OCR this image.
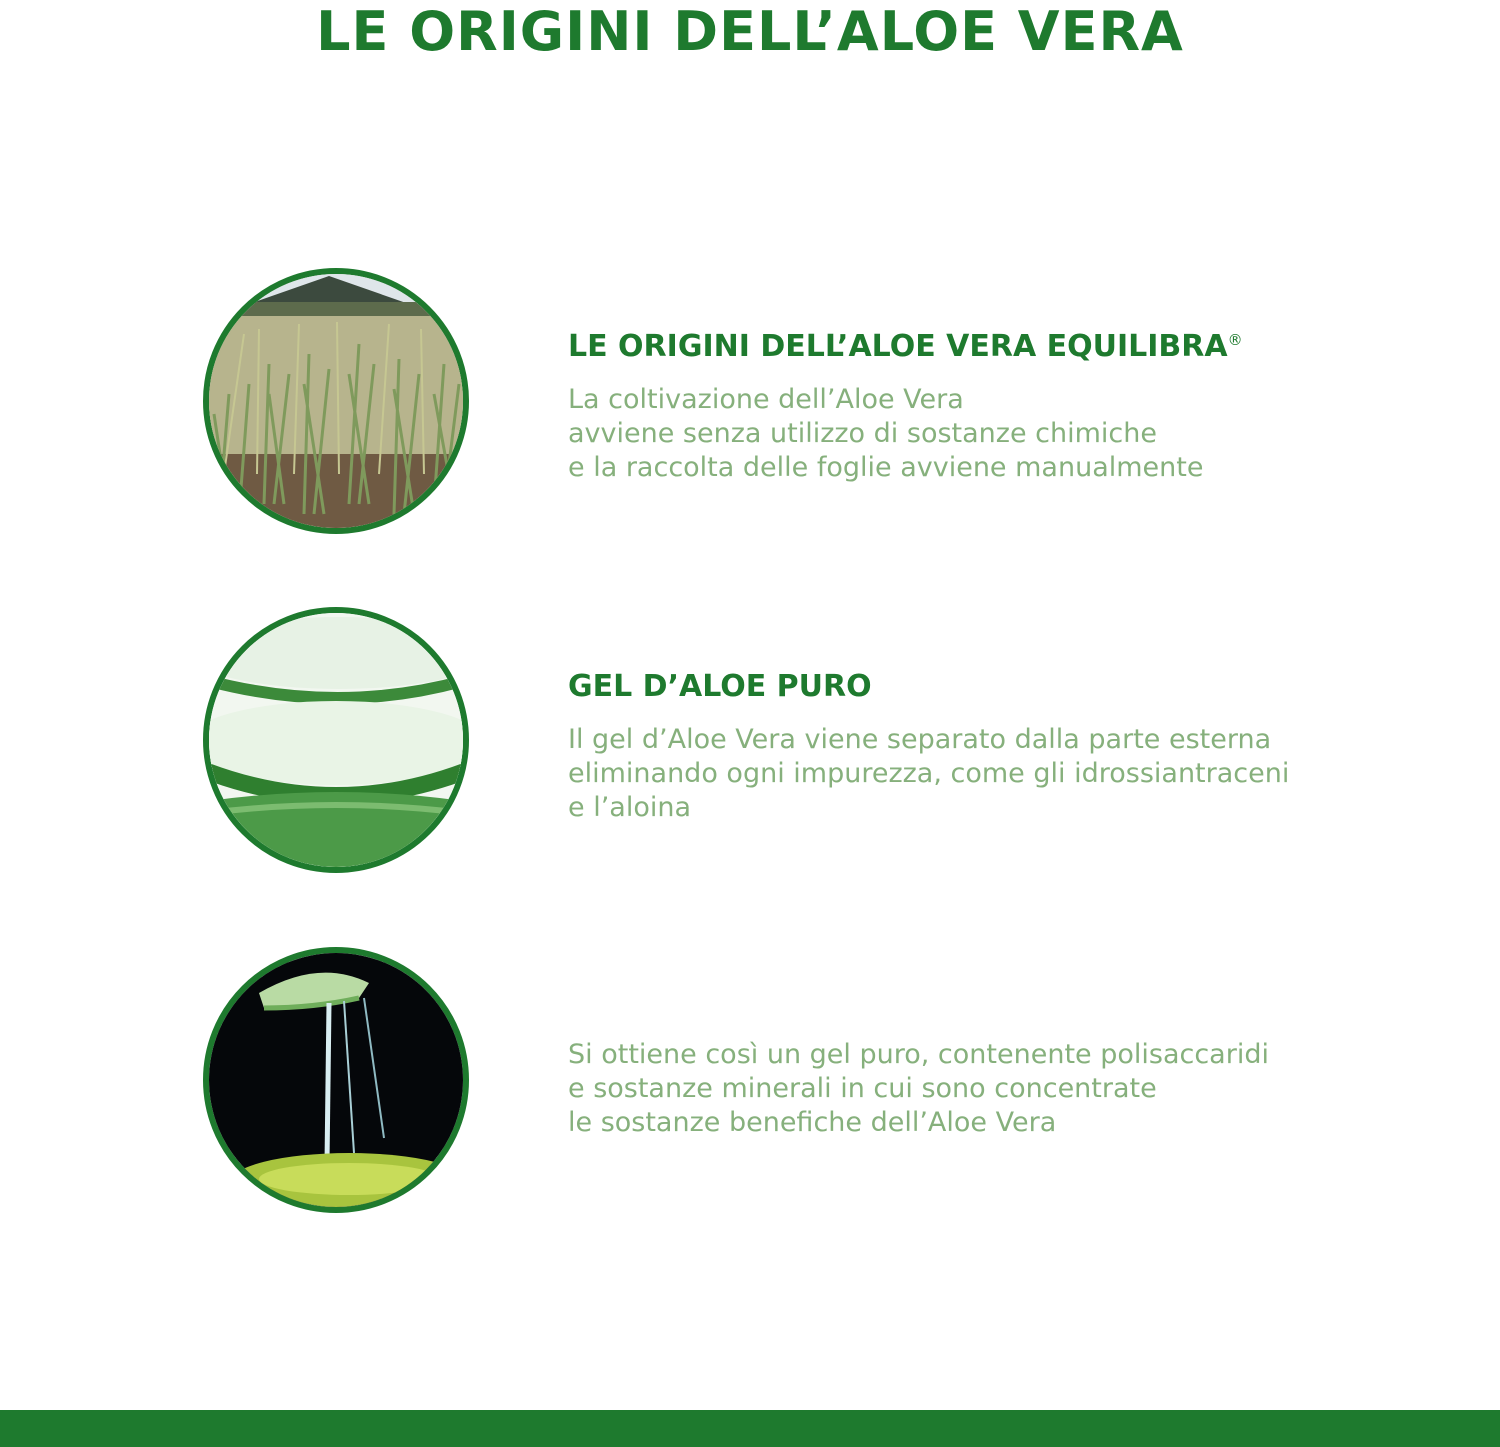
LE ORIGINI DELL’ALOE VERA
LE ORIGINI DELL’ALOE VERA EQUILIBRA®
La coltivazione dell’Aloe Vera
avviene senza utilizzo di sostanze chimiche
e la raccolta delle foglie avviene manualmente
GEL D’ALOE PURO
Il gel d’Aloe Vera viene separato dalla parte esterna
eliminando ogni impurezza, come gli idrossiantraceni
e l’aloina
Si ottiene così un gel puro, contenente polisaccaridi
e sostanze minerali in cui sono concentrate
le sostanze benefiche dell’Aloe Vera
